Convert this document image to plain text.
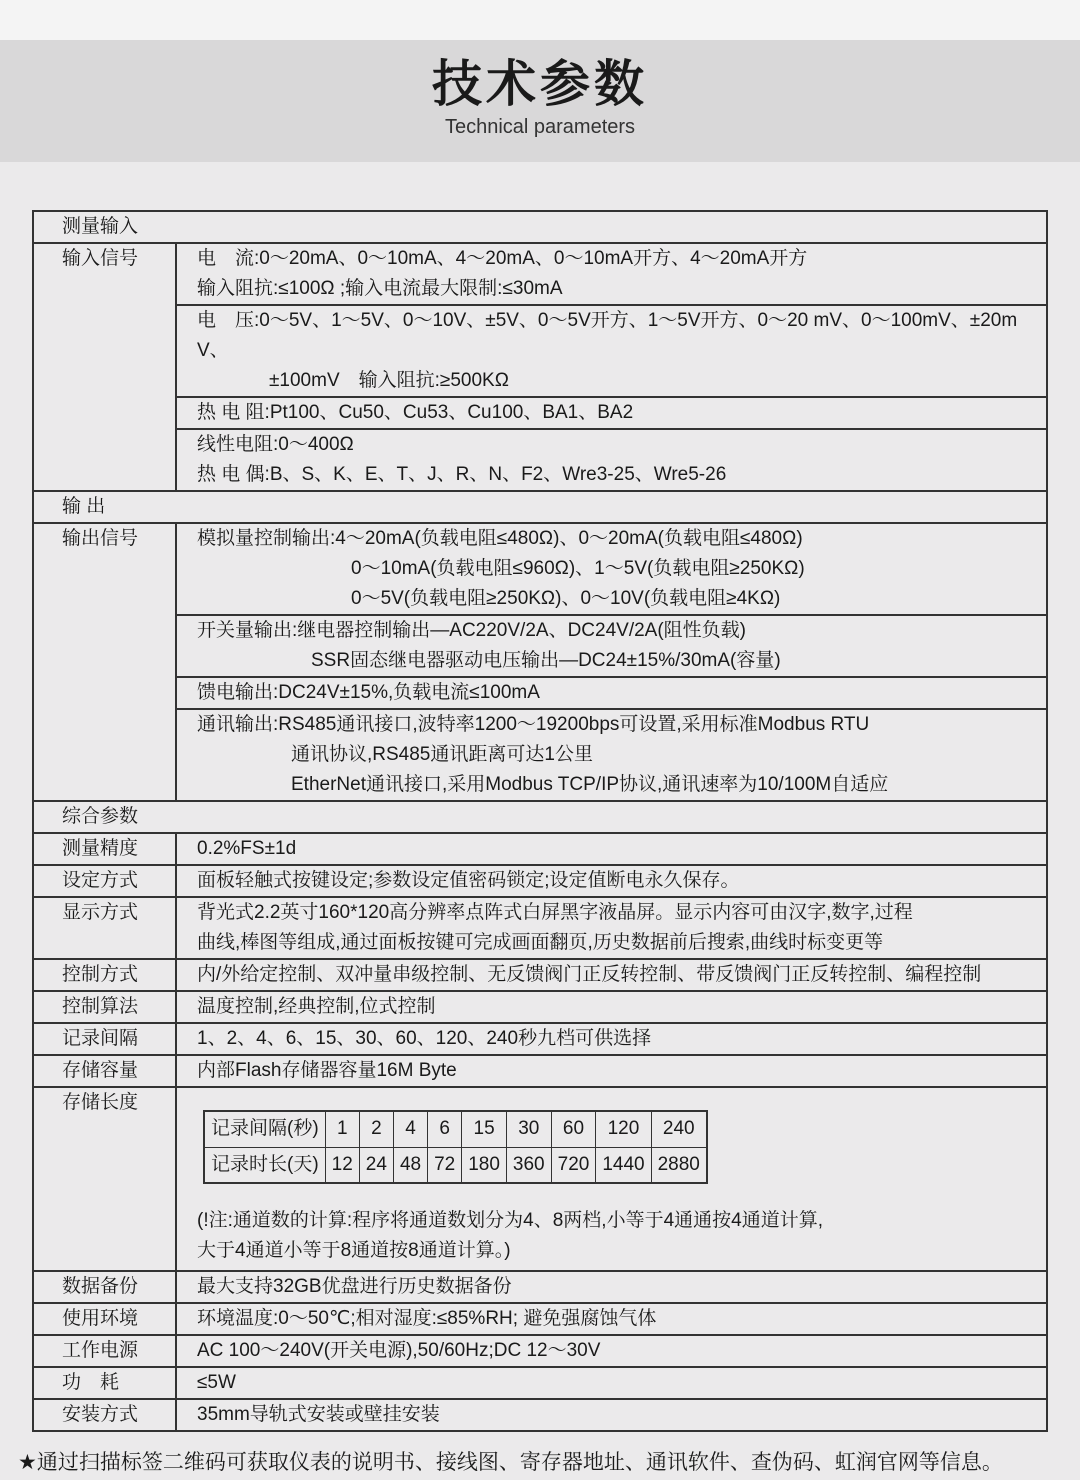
技术参数
Technical parameters
测量输入
输入信号	电　流:0～20mA、0～10mA、4～20mA、0～10mA开方、4～20mA开方
输入阻抗:≤100Ω ;输入电流最大限制:≤30mA
电　压:0～5V、1～5V、0～10V、±5V、0～5V开方、1～5V开方、0～20 mV、0～100mV、±20mV、
±100mV　输入阻抗:≥500KΩ
热 电 阻:Pt100、Cu50、Cu53、Cu100、BA1、BA2
线性电阻:0～400Ω
热 电 偶:B、S、K、E、T、J、R、N、F2、Wre3-25、Wre5-26
输 出
输出信号	模拟量控制输出:4～20mA(负载电阻≤480Ω)、0～20mA(负载电阻≤480Ω)
0～10mA(负载电阻≤960Ω)、1～5V(负载电阻≥250KΩ)
0～5V(负载电阻≥250KΩ)、0～10V(负载电阻≥4KΩ)
开关量输出:继电器控制输出—AC220V/2A、DC24V/2A(阻性负载)
SSR固态继电器驱动电压输出—DC24±15%/30mA(容量)
馈电输出:DC24V±15%,负载电流≤100mA
通讯输出:RS485通讯接口,波特率1200～19200bps可设置,采用标准Modbus RTU
通讯协议,RS485通讯距离可达1公里
EtherNet通讯接口,采用Modbus TCP/IP协议,通讯速率为10/100M自适应
综合参数
测量精度	0.2%FS±1d
设定方式	面板轻触式按键设定;参数设定值密码锁定;设定值断电永久保存。
显示方式	背光式2.2英寸160*120高分辨率点阵式白屏黑字液晶屏。显示内容可由汉字,数字,过程
曲线,棒图等组成,通过面板按键可完成画面翻页,历史数据前后搜索,曲线时标变更等
控制方式	内/外给定控制、双冲量串级控制、无反馈阀门正反转控制、带反馈阀门正反转控制、编程控制
控制算法	温度控制,经典控制,位式控制
记录间隔	1、2、4、6、15、30、60、120、240秒九档可供选择
存储容量	内部Flash存储器容量16M Byte
存储长度
记录间隔(秒)	1	2	4	6	15	30	60	120	240
记录时长(天)	12	24	48	72	180	360	720	1440	2880
(!注:通道数的计算:程序将通道数划分为4、8两档,小等于4通通按4通道计算,
大于4通道小等于8通道按8通道计算。)
数据备份	最大支持32GB优盘进行历史数据备份
使用环境	环境温度:0～50℃;相对湿度:≤85%RH; 避免强腐蚀气体
工作电源	AC 100～240V(开关电源),50/60Hz;DC 12～30V
功　耗	≤5W
安装方式	35mm导轨式安装或壁挂安装
★通过扫描标签二维码可获取仪表的说明书、接线图、寄存器地址、通讯软件、查伪码、虹润官网等信息。
